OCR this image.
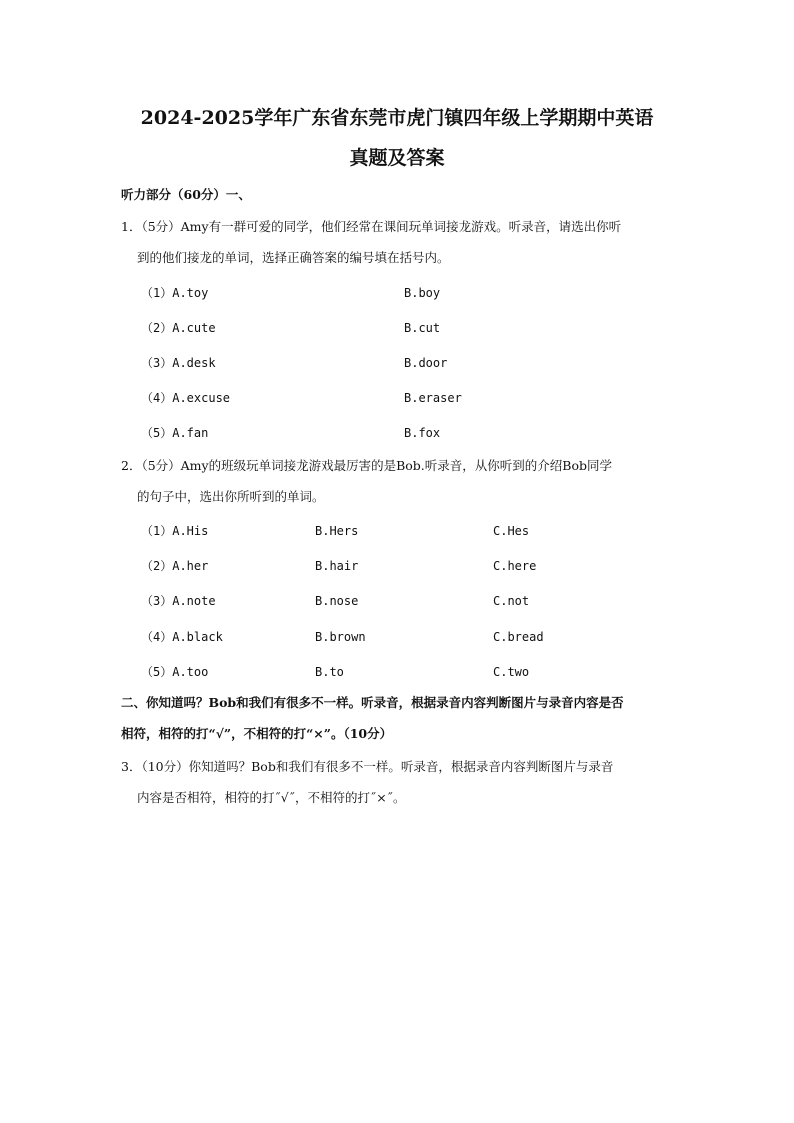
2024-2025学年广东省东莞市虎门镇四年级上学期期中英语
真题及答案
听力部分（60分）一、
1．（5分）Amy有一群可爱的同学，他们经常在课间玩单词接龙游戏。听录音，请选出你听
到的他们接龙的单词，选择正确答案的编号填在括号内。
（1）A.toy	B.boy
（2）A.cute	B.cut
（3）A.desk	B.door
（4）A.excuse	B.eraser
（5）A.fan	B.fox
2．（5分）Amy的班级玩单词接龙游戏最厉害的是Bob.听录音，从你听到的介绍Bob同学
的句子中，选出你所听到的单词。
（1）A.His	B.Hers	C.Hes
（2）A.her	B.hair	C.here
（3）A.note	B.nose	C.not
（4）A.black	B.brown	C.bread
（5）A.too	B.to	C.two
二、你知道吗？Bob和我们有很多不一样。听录音，根据录音内容判断图片与录音内容是否
相符，相符的打“√”，不相符的打“×”。（10分）
3．（10分）你知道吗？Bob和我们有很多不一样。听录音，根据录音内容判断图片与录音
内容是否相符，相符的打˝√˝，不相符的打˝×˝。
